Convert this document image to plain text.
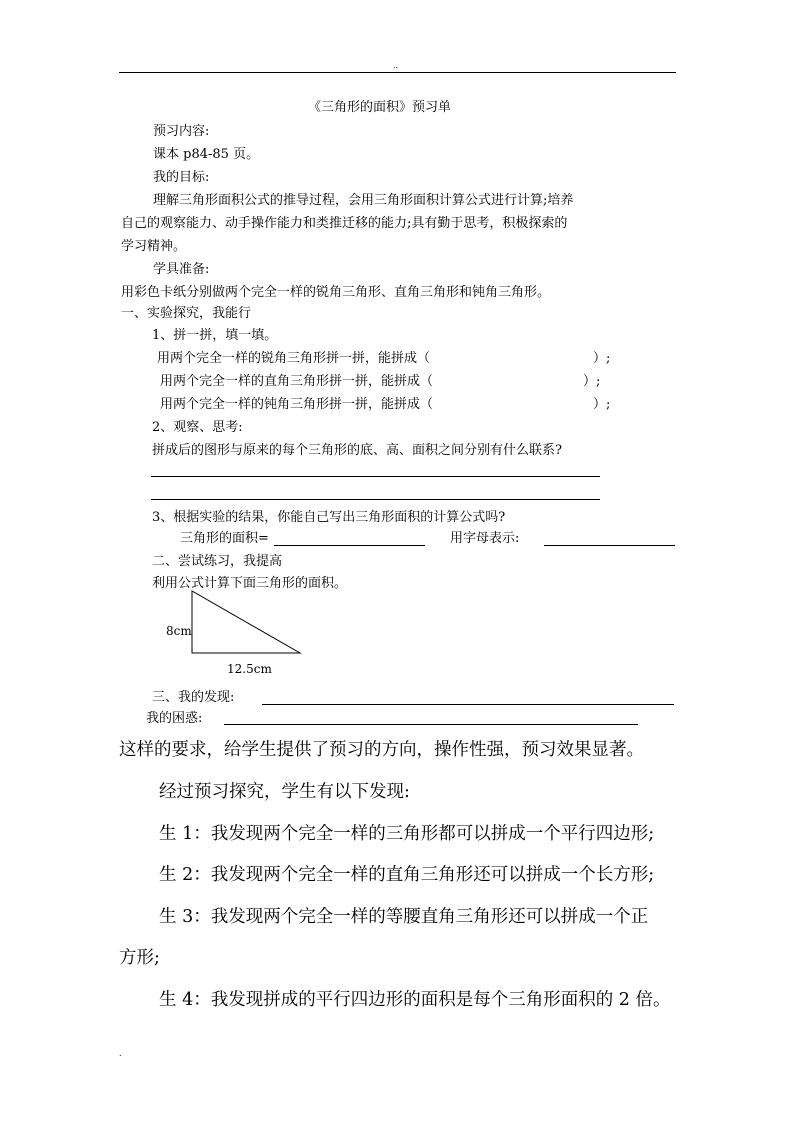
..
《三角形的面积》预习单
预习内容:
课本 p84-85 页。
我的目标:
理解三角形面积公式的推导过程，会用三角形面积计算公式进行计算;培养
自己的观察能力、动手操作能力和类推迁移的能力;具有勤于思考，积极探索的
学习精神。
学具准备:
用彩色卡纸分别做两个完全一样的锐角三角形、直角三角形和钝角三角形。
一、实验探究，我能行
1、拼一拼，填一填。
用两个完全一样的锐角三角形拼一拼，能拼成（	）;
用两个完全一样的直角三角形拼一拼，能拼成（	）;
用两个完全一样的钝角三角形拼一拼，能拼成（	）;
2、观察、思考:
拼成后的图形与原来的每个三角形的底、高、面积之间分别有什么联系?
3、根据实验的结果，你能自己写出三角形面积的计算公式吗?
三角形的面积=	用字母表示:
二、尝试练习，我提高
利用公式计算下面三角形的面积。
8cm
12.5cm
三、我的发现:
我的困惑:
这样的要求，给学生提供了预习的方向，操作性强，预习效果显著。
经过预习探究，学生有以下发现:
生 1：我发现两个完全一样的三角形都可以拼成一个平行四边形;
生 2：我发现两个完全一样的直角三角形还可以拼成一个长方形;
生 3：我发现两个完全一样的等腰直角三角形还可以拼成一个正
方形;
生 4：我发现拼成的平行四边形的面积是每个三角形面积的 2 倍。
.
